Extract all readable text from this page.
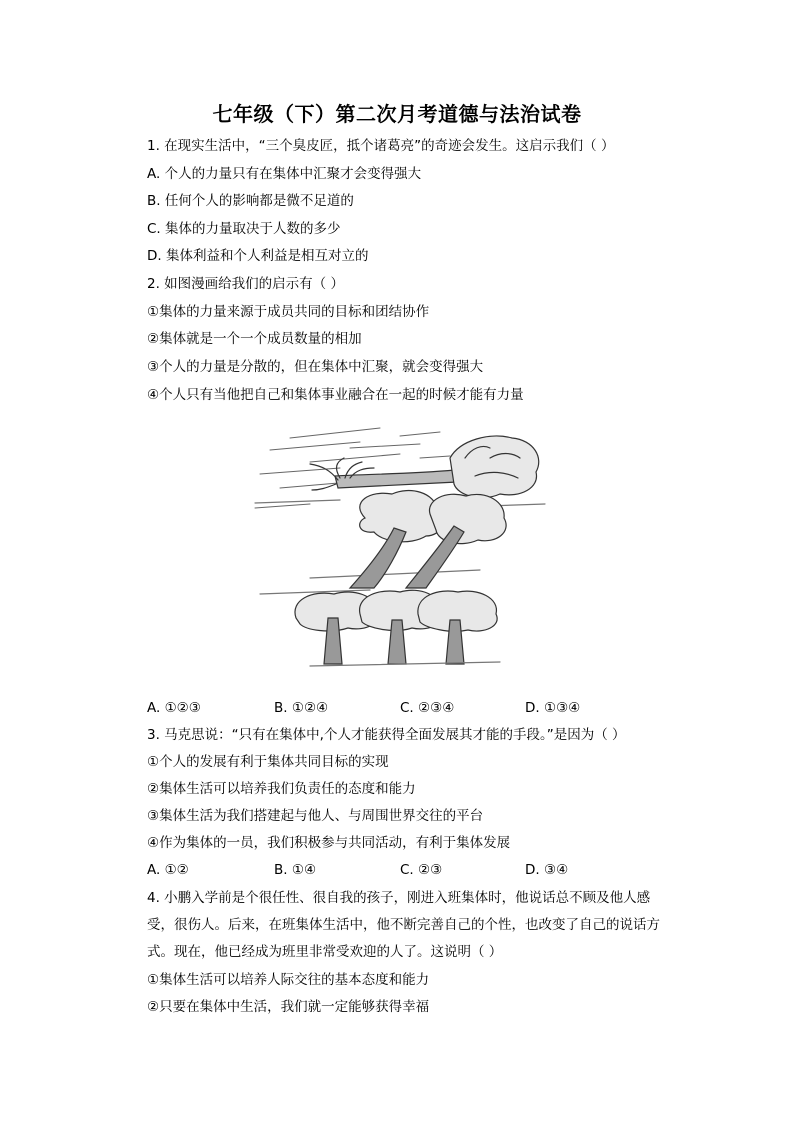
七年级（下）第二次月考道德与法治试卷
1. 在现实生活中，“三个臭皮匠，抵个诸葛亮”的奇迹会发生。这启示我们（ ）
A. 个人的力量只有在集体中汇聚才会变得强大
B. 任何个人的影响都是微不足道的
C. 集体的力量取决于人数的多少
D. 集体利益和个人利益是相互对立的
2. 如图漫画给我们的启示有（ ）
①集体的力量来源于成员共同的目标和团结协作
②集体就是一个一个成员数量的相加
③个人的力量是分散的，但在集体中汇聚，就会变得强大
④个人只有当他把自己和集体事业融合在一起的时候才能有力量
A. ①②③	B. ①②④	C. ②③④	D. ①③④
3. 马克思说：“只有在集体中,个人才能获得全面发展其才能的手段。”是因为（ ）
①个人的发展有利于集体共同目标的实现
②集体生活可以培养我们负责任的态度和能力
③集体生活为我们搭建起与他人、与周围世界交往的平台
④作为集体的一员，我们积极参与共同活动，有利于集体发展
A. ①②	B. ①④	C. ②③	D. ③④
4. 小鹏入学前是个很任性、很自我的孩子，刚进入班集体时，他说话总不顾及他人感
受，很伤人。后来，在班集体生活中，他不断完善自己的个性，也改变了自己的说话方
式。现在，他已经成为班里非常受欢迎的人了。这说明（ ）
①集体生活可以培养人际交往的基本态度和能力
②只要在集体中生活，我们就一定能够获得幸福
